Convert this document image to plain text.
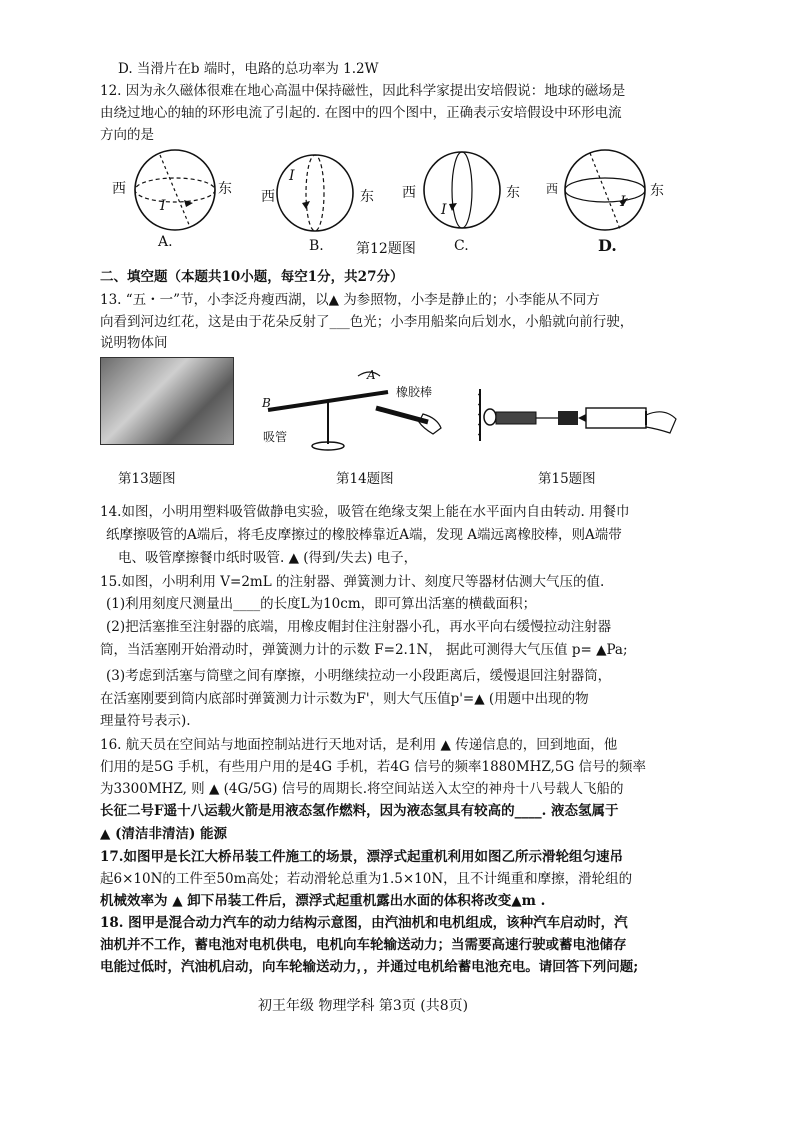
D. 当滑片在b 端时，电路的总功率为 1.2W
12. 因为永久磁体很难在地心高温中保持磁性，因此科学家提出安培假说：地球的磁场是
由绕过地心的轴的环形电流了引起的. 在图中的四个图中，正确表示安培假设中环形电流
方向的是
西	东
I
A.
西	东
I
B. 第12题图
西	东
I
C.
西	东
I
D.
二、填空题（本题共10小题，每空1分，共27分）
13. “五・一”节，小李泛舟瘦西湖，以▲ 为参照物，小李是静止的；小李能从不同方
向看到河边红花，这是由于花朵反射了___色光；小李用船桨向后划水，小船就向前行驶，
说明物体间
B
A
吸管
橡胶棒
第13题图	第14题图	第15题图
14.如图，小明用塑料吸管做静电实验，吸管在绝缘支架上能在水平面内自由转动. 用餐巾
纸摩擦吸管的A端后，将毛皮摩擦过的橡胶棒靠近A端，发现 A端远离橡胶棒，则A端带
电、吸管摩擦餐巾纸时吸管. ▲ (得到/失去) 电子，
15.如图，小明利用 V=2mL 的注射器、弹簧测力计、刻度尺等器材估测大气压的值.
(1)利用刻度尺测量出____的长度L为10cm，即可算出活塞的横截面积；
(2)把活塞推至注射器的底端，用橡皮帽封住注射器小孔，再水平向右缓慢拉动注射器
筒，当活塞刚开始滑动时，弹簧测力计的示数 F=2.1N， 据此可测得大气压值 p= ▲Pa;
(3)考虑到活塞与筒壁之间有摩擦，小明继续拉动一小段距离后，缓慢退回注射器筒，
在活塞刚要到筒内底部时弹簧测力计示数为F'，则大气压值p'=▲ (用题中出现的物
理量符号表示).
16. 航天员在空间站与地面控制站进行天地对话，是利用 ▲ 传递信息的，回到地面，他
们用的是5G 手机，有些用户用的是4G 手机，若4G 信号的频率1880MHZ,5G 信号的频率
为3300MHZ, 则 ▲ (4G/5G) 信号的周期长.将空间站送入太空的神舟十八号载人飞船的
长征二号F遥十八运载火箭是用液态氢作燃料，因为液态氢具有较高的____. 液态氢属于
▲ (清洁非清洁) 能源
17.如图甲是长江大桥吊装工件施工的场景，漂浮式起重机利用如图乙所示滑轮组匀速吊
起6×10N的工件至50m高处；若动滑轮总重为1.5×10N，且不计绳重和摩擦，滑轮组的
机械效率为 ▲ 卸下吊装工件后，漂浮式起重机露出水面的体积将改变▲m .
18. 图甲是混合动力汽车的动力结构示意图，由汽油机和电机组成，该种汽车启动时，汽
油机并不工作，蓄电池对电机供电，电机向车轮输送动力；当需要高速行驶或蓄电池储存
电能过低时，汽油机启动，向车轮输送动力，，并通过电机给蓄电池充电。请回答下列问题;
初王年级 物理学科 第3页 (共8页)
